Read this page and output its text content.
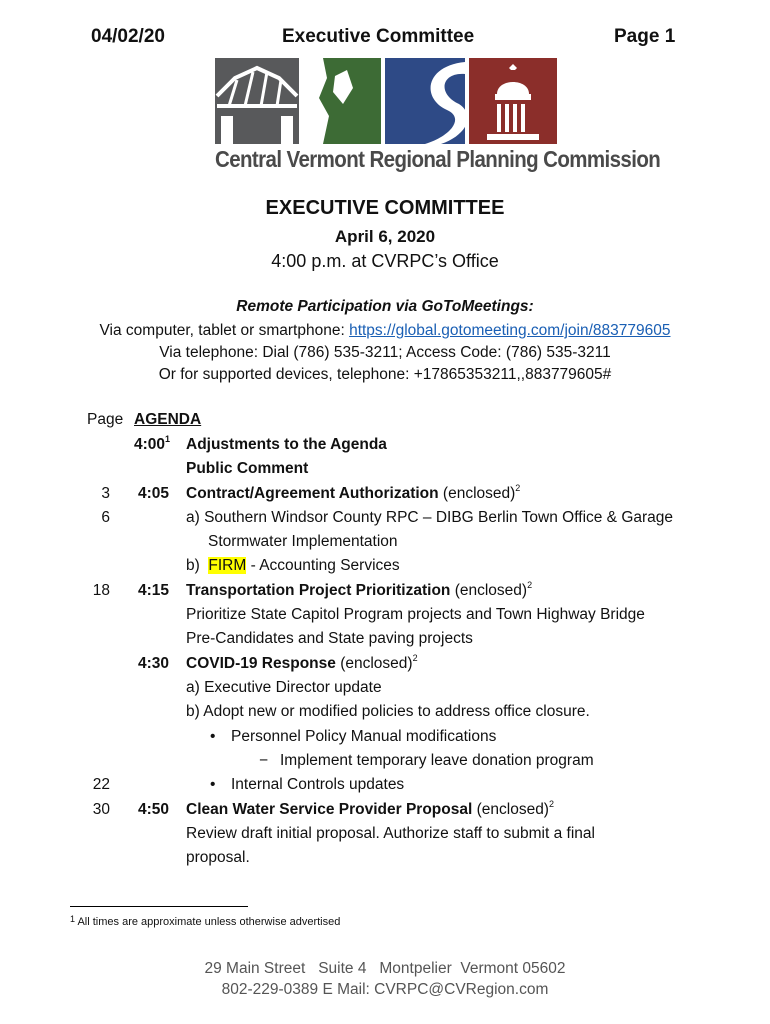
04/02/20	Executive Committee	Page 1
Central Vermont Regional Planning Commission
EXECUTIVE COMMITTEE
April 6, 2020
4:00 p.m. at CVRPC’s Office
Remote Participation via GoToMeetings:
Via computer, tablet or smartphone: https://global.gotomeeting.com/join/883779605
Via telephone: Dial (786) 535-3211; Access Code: (786) 535-3211
Or for supported devices, telephone: +17865353211,,883779605#
Page AGENDA
$4:00^1$ Adjustments to the Agenda
Public Comment
3 4:05 Contract/Agreement Authorization (enclosed)$^2$
6	a) Southern Windsor County RPC – DIBG Berlin Town Office & Garage
Stormwater Implementation
b)  FIRM - Accounting Services
18 4:15 Transportation Project Prioritization (enclosed)$^2$
Prioritize State Capitol Program projects and Town Highway Bridge
Pre-Candidates and State paving projects
4:30 COVID-19 Response (enclosed)$^2$
a) Executive Director update
b) Adopt new or modified policies to address office closure.
• Personnel Policy Manual modifications
− Implement temporary leave donation program
22	• Internal Controls updates
30 4:50 Clean Water Service Provider Proposal (enclosed)$^2$
Review draft initial proposal. Authorize staff to submit a final
proposal.
$^1$ All times are approximate unless otherwise advertised
29 Main Street   Suite 4   Montpelier  Vermont 05602
802-229-0389 E Mail: CVRPC@CVRegion.com
